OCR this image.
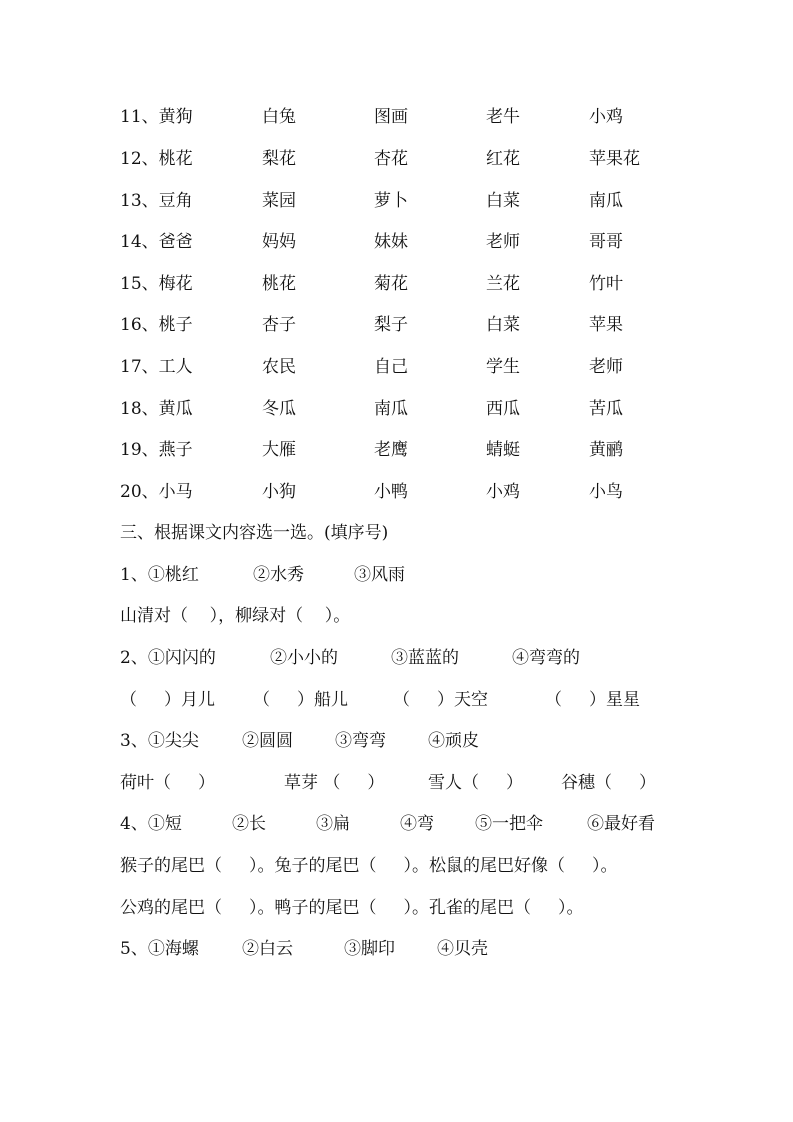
11、黄狗	白兔	图画	老牛	小鸡
12、桃花	梨花	杏花	红花	苹果花
13、豆角	菜园	萝卜	白菜	南瓜
14、爸爸	妈妈	妹妹	老师	哥哥
15、梅花	桃花	菊花	兰花	竹叶
16、桃子	杏子	梨子	白菜	苹果
17、工人	农民	自己	学生	老师
18、黄瓜	冬瓜	南瓜	西瓜	苦瓜
19、燕子	大雁	老鹰	蜻蜓	黄鹂
20、小马	小狗	小鸭	小鸡	小鸟
三、根据课文内容选一选。(填序号)
1、①桃红	②水秀	③风雨
山清对（    ），柳绿对（    ）。
2、①闪闪的	②小小的	③蓝蓝的	④弯弯的
（     ）月儿 （     ）船儿	（     ）天空	（     ）星星
3、①尖尖	②圆圆 ③弯弯 ④顽皮
荷叶（     ）	草芽 （     ）	雪人（     ） 谷穗（     ）
4、①短	②长	③扁	④弯 ⑤一把伞	⑥最好看
猴子的尾巴（     ）。兔子的尾巴（     ）。松鼠的尾巴好像（     ）。
公鸡的尾巴（     ）。鸭子的尾巴（     ）。孔雀的尾巴（     ）。
5、①海螺	②白云	③脚印 ④贝壳
